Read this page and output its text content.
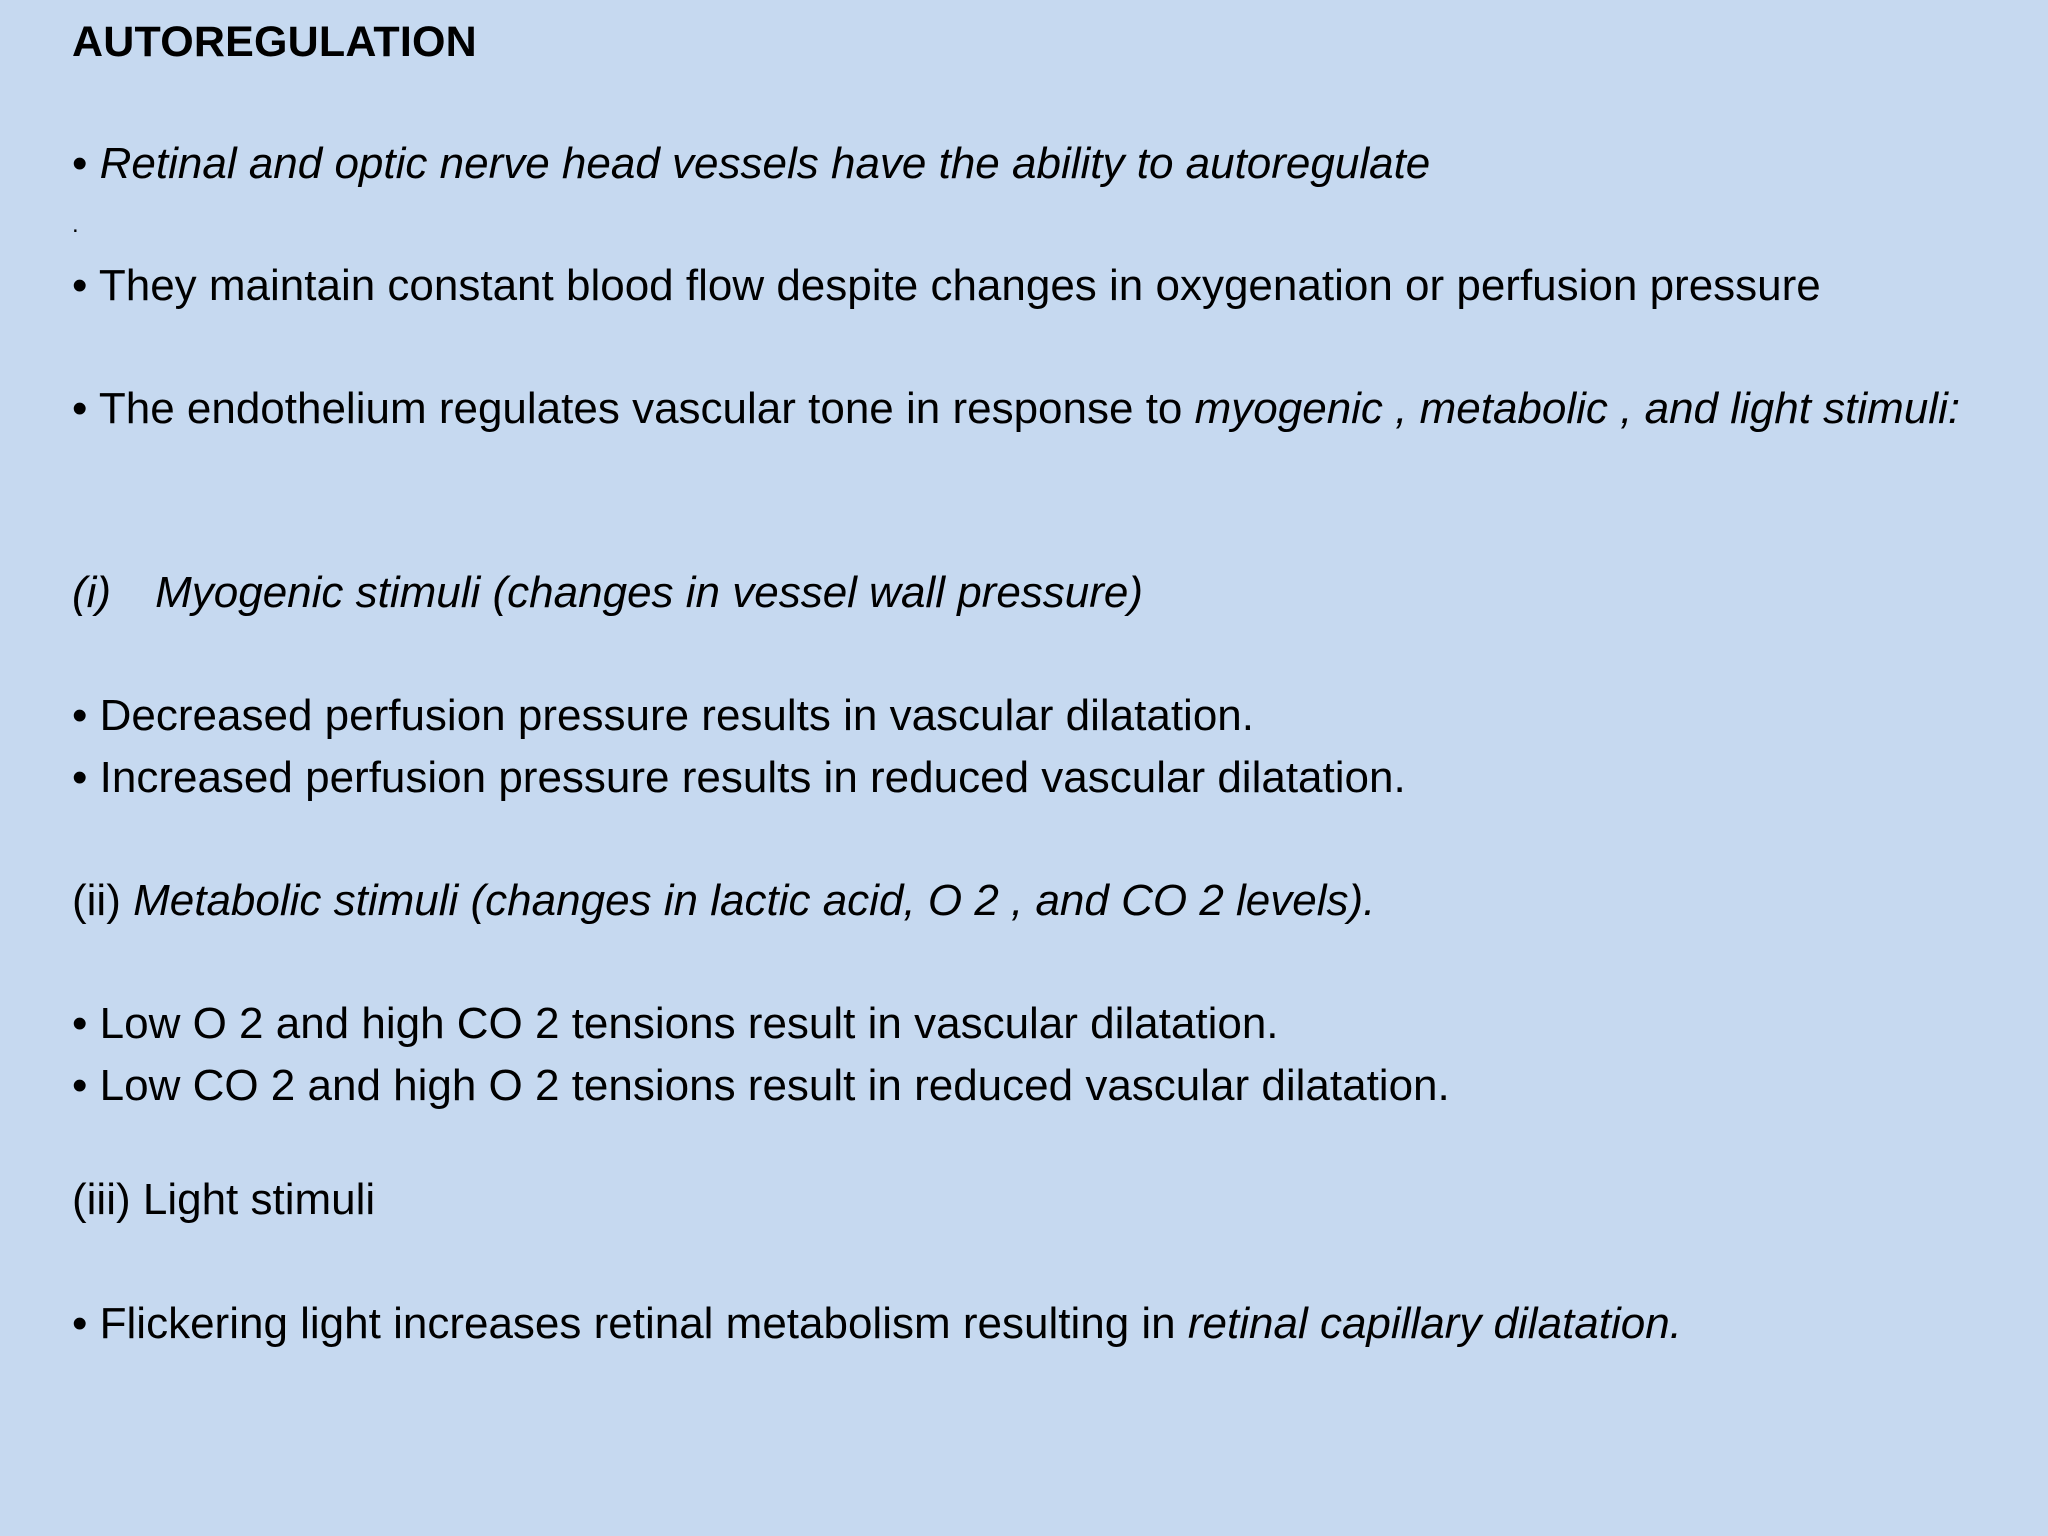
AUTOREGULATION

• Retinal and optic nerve head vessels have the ability to autoregulate

.

• They maintain constant blood flow despite changes in oxygenation or perfusion pressure

• The endothelium regulates vascular tone in response to myogenic , metabolic , and light stimuli:

(i) Myogenic stimuli (changes in vessel wall pressure)

• Decreased perfusion pressure results in vascular dilatation.

• Increased perfusion pressure results in reduced vascular dilatation.

(ii) Metabolic stimuli (changes in lactic acid, O 2 , and CO 2 levels).

• Low O 2 and high CO 2 tensions result in vascular dilatation.

• Low CO 2 and high O 2 tensions result in reduced vascular dilatation.

(iii) Light stimuli

• Flickering light increases retinal metabolism resulting in retinal capillary dilatation.
